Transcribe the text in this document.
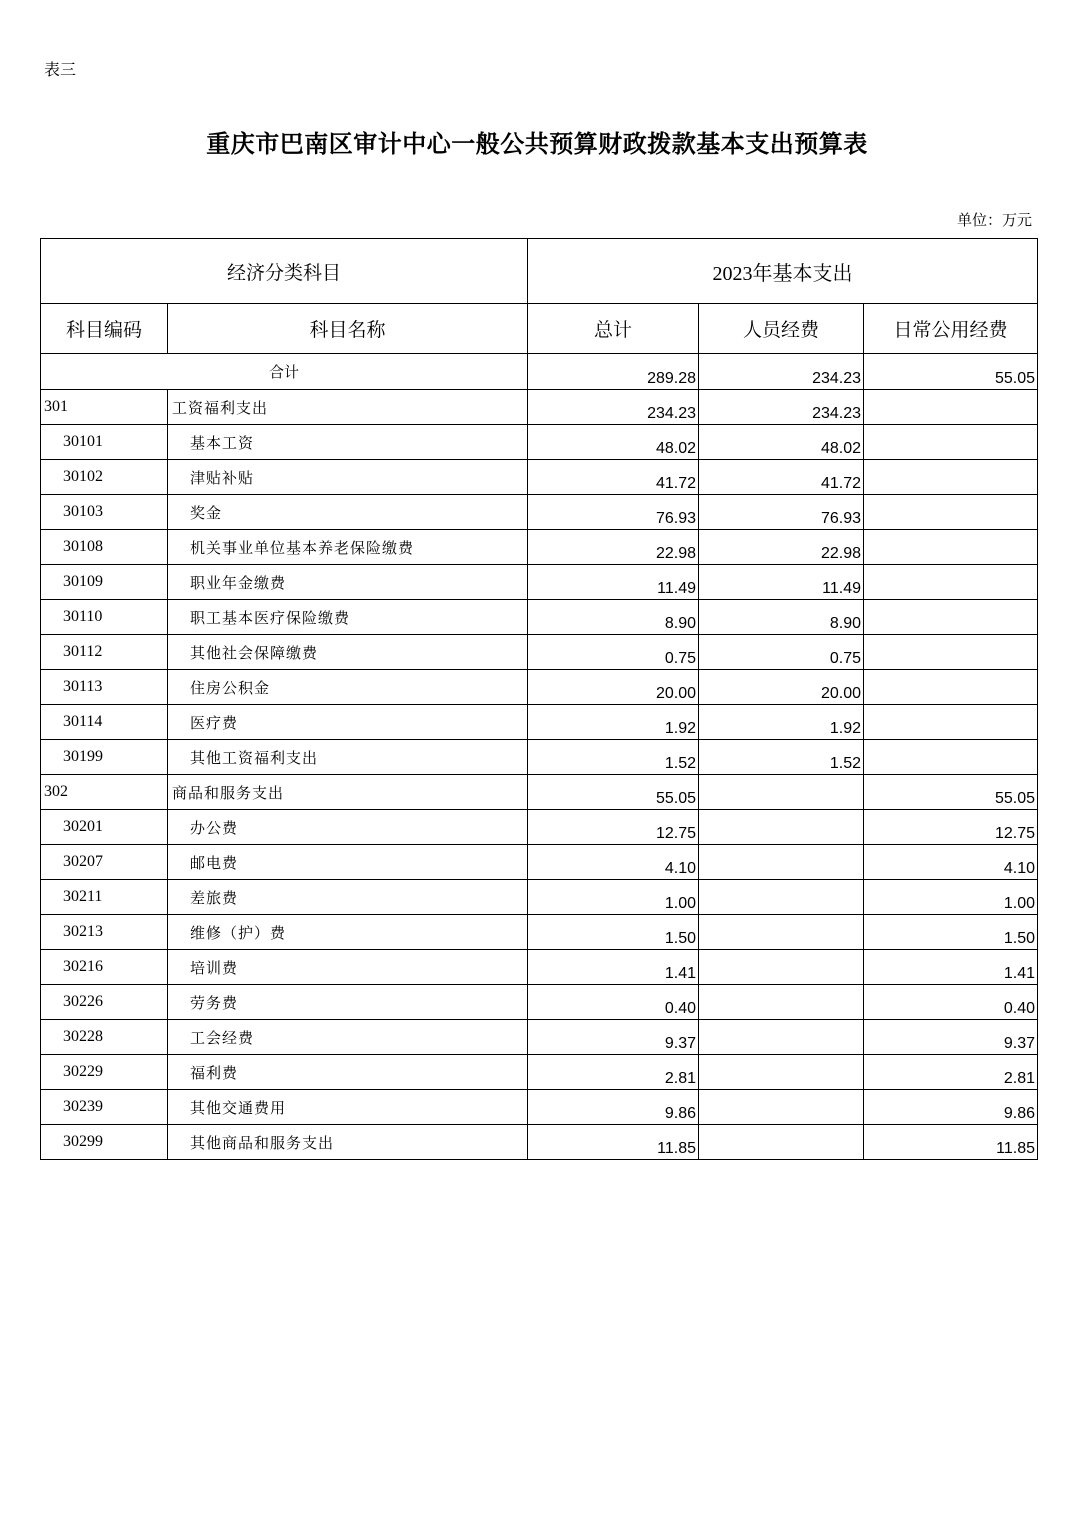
表三
重庆市巴南区审计中心一般公共预算财政拨款基本支出预算表
单位：万元
经济分类科目		2023年基本支出		
科目编码	科目名称	总计	人员经费	日常公用经费
合计		289.28	234.23	55.05
301	工资福利支出	234.23	234.23	
30101	基本工资	48.02	48.02	
30102	津贴补贴	41.72	41.72	
30103	奖金	76.93	76.93	
30108	机关事业单位基本养老保险缴费	22.98	22.98	
30109	职业年金缴费	11.49	11.49	
30110	职工基本医疗保险缴费	8.90	8.90	
30112	其他社会保障缴费	0.75	0.75	
30113	住房公积金	20.00	20.00	
30114	医疗费	1.92	1.92	
30199	其他工资福利支出	1.52	1.52	
302	商品和服务支出	55.05		55.05
30201	办公费	12.75		12.75
30207	邮电费	4.10		4.10
30211	差旅费	1.00		1.00
30213	维修（护）费	1.50		1.50
30216	培训费	1.41		1.41
30226	劳务费	0.40		0.40
30228	工会经费	9.37		9.37
30229	福利费	2.81		2.81
30239	其他交通费用	9.86		9.86
30299	其他商品和服务支出	11.85		11.85
